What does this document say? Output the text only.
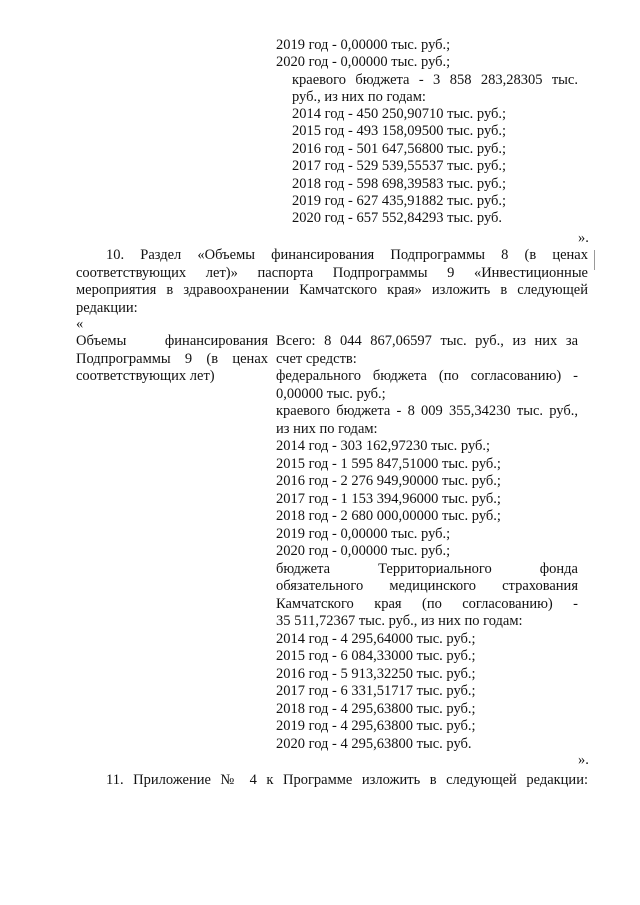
2019 год - 0,00000 тыс. руб.;
2020 год - 0,00000 тыс. руб.;
краевого бюджета - 3 858 283,28305 тыс.
руб., из них по годам:
2014 год - 450 250,90710 тыс. руб.;
2015 год - 493 158,09500 тыс. руб.;
2016 год - 501 647,56800 тыс. руб.;
2017 год - 529 539,55537 тыс. руб.;
2018 год - 598 698,39583 тыс. руб.;
2019 год - 627 435,91882 тыс. руб.;
2020 год - 657 552,84293 тыс. руб.
».
10. Раздел «Объемы финансирования Подпрограммы 8 (в ценах
соответствующих лет)» паспорта Подпрограммы 9 «Инвестиционные
мероприятия в здравоохранении Камчатского края» изложить в следующей
редакции:
«
Объемы финансирования
Подпрограммы 9 (в ценах
соответствующих лет)
Всего: 8 044 867,06597 тыс. руб., из них за
счет средств:
федерального бюджета (по согласованию) -
0,00000 тыс. руб.;
краевого бюджета - 8 009 355,34230 тыс. руб.,
из них по годам:
2014 год - 303 162,97230 тыс. руб.;
2015 год - 1 595 847,51000 тыс. руб.;
2016 год - 2 276 949,90000 тыс. руб.;
2017 год - 1 153 394,96000 тыс. руб.;
2018 год - 2 680 000,00000 тыс. руб.;
2019 год - 0,00000 тыс. руб.;
2020 год - 0,00000 тыс. руб.;
бюджета Территориального фонда
обязательного медицинского страхования
Камчатского края (по согласованию) -
35 511,72367 тыс. руб., из них по годам:
2014 год - 4 295,64000 тыс. руб.;
2015 год - 6 084,33000 тыс. руб.;
2016 год - 5 913,32250 тыс. руб.;
2017 год - 6 331,51717 тыс. руб.;
2018 год - 4 295,63800 тыс. руб.;
2019 год - 4 295,63800 тыс. руб.;
2020 год - 4 295,63800 тыс. руб.
».
11. Приложение № 4 к Программе изложить в следующей редакции:
